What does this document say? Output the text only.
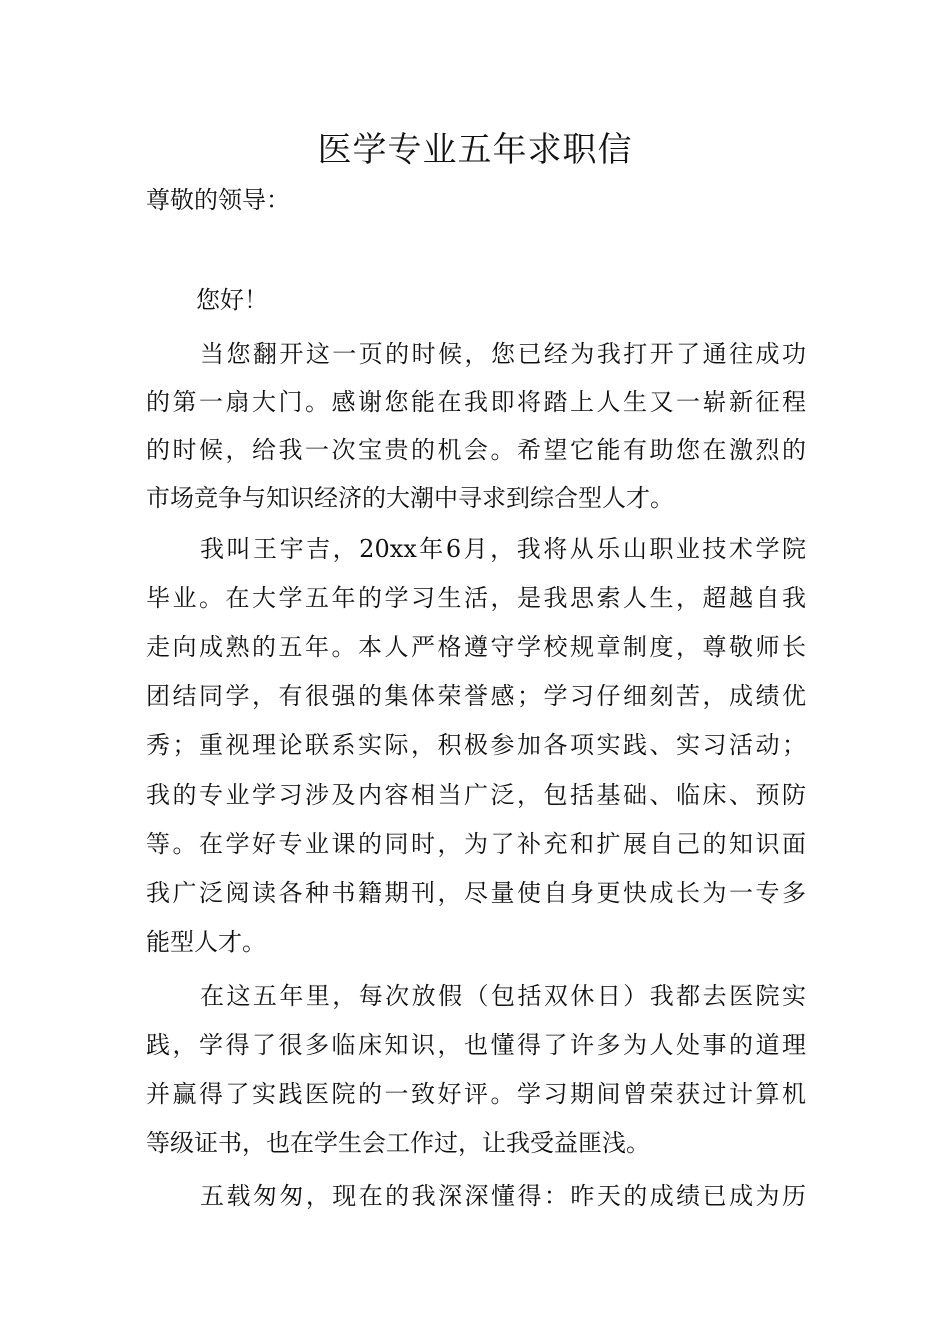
医学专业五年求职信

尊敬的领导：

您好！

当您翻开这一页的时候，您已经为我打开了通往成功
的第一扇大门。感谢您能在我即将踏上人生又一崭新征程
的时候，给我一次宝贵的机会。希望它能有助您在激烈的
市场竞争与知识经济的大潮中寻求到综合型人才。
我叫王宇吉，20xx年6月，我将从乐山职业技术学院
毕业。在大学五年的学习生活，是我思索人生，超越自我
走向成熟的五年。本人严格遵守学校规章制度，尊敬师长
团结同学，有很强的集体荣誉感；学习仔细刻苦，成绩优
秀；重视理论联系实际，积极参加各项实践、实习活动；
我的专业学习涉及内容相当广泛，包括基础、临床、预防
等。在学好专业课的同时，为了补充和扩展自己的知识面
我广泛阅读各种书籍期刊，尽量使自身更快成长为一专多
能型人才。
在这五年里，每次放假（包括双休日）我都去医院实
践，学得了很多临床知识，也懂得了许多为人处事的道理
并赢得了实践医院的一致好评。学习期间曾荣获过计算机
等级证书，也在学生会工作过，让我受益匪浅。
五载匆匆，现在的我深深懂得：昨天的成绩已成为历
